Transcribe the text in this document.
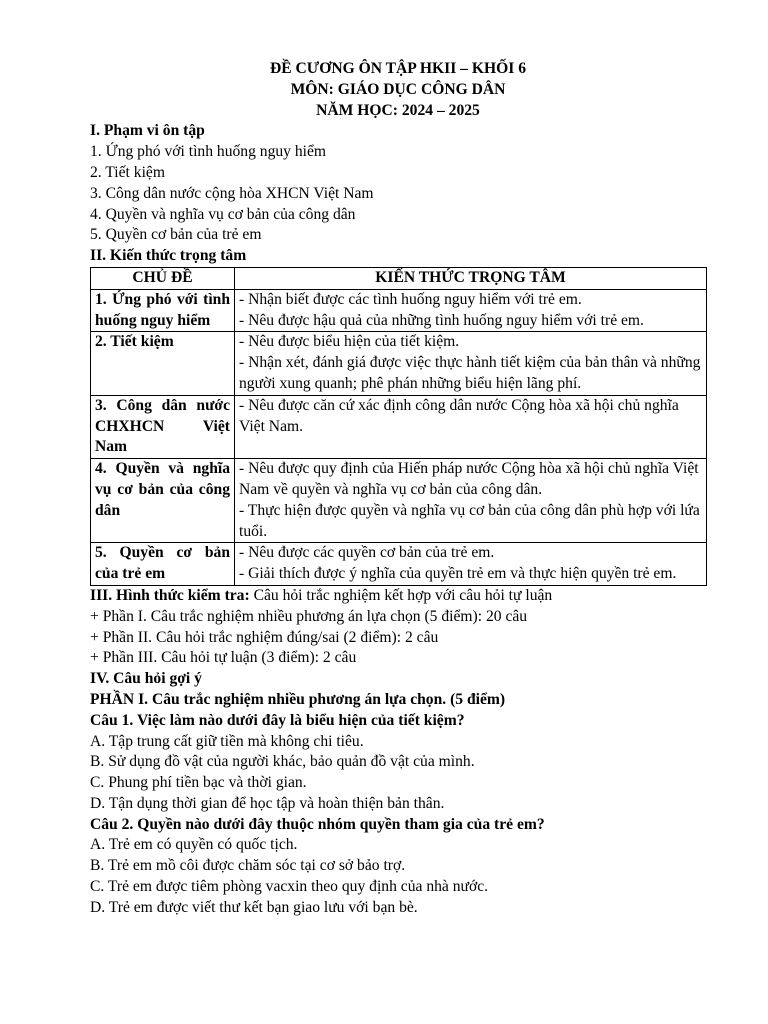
ĐỀ CƯƠNG ÔN TẬP HKII – KHỐI 6
MÔN: GIÁO DỤC CÔNG DÂN
NĂM HỌC: 2024 – 2025
I. Phạm vi ôn tập
1. Ứng phó với tình huống nguy hiểm
2. Tiết kiệm
3. Công dân nước cộng hòa XHCN Việt Nam
4. Quyền và nghĩa vụ cơ bản của công dân
5. Quyền cơ bản của trẻ em
II. Kiến thức trọng tâm
CHỦ ĐỀ	KIẾN THỨC TRỌNG TÂM
1. Ứng phó với tình huống nguy hiểm	- Nhận biết được các tình huống nguy hiểm với trẻ em.
- Nêu được hậu quả của những tình huống nguy hiểm với trẻ em.

2. Tiết kiệm	- Nêu được biểu hiện của tiết kiệm.
- Nhận xét, đánh giá được việc thực hành tiết kiệm của bản thân và những người xung quanh; phê phán những biểu hiện lãng phí.

3. Công dân nước CHXHCN Việt Nam	- Nêu được căn cứ xác định công dân nước Cộng hòa xã hội chủ nghĩa Việt Nam.

4. Quyền và nghĩa vụ cơ bản của công dân	- Nêu được quy định của Hiến pháp nước Cộng hòa xã hội chủ nghĩa Việt Nam về quyền và nghĩa vụ cơ bản của công dân.
- Thực hiện được quyền và nghĩa vụ cơ bản của công dân phù hợp với lứa tuổi.

5. Quyền cơ bản của trẻ em	- Nêu được các quyền cơ bản của trẻ em.
- Giải thích được ý nghĩa của quyền trẻ em và thực hiện quyền trẻ em.
III. Hình thức kiểm tra: Câu hỏi trắc nghiệm kết hợp với câu hỏi tự luận
+ Phần I. Câu trắc nghiệm nhiều phương án lựa chọn (5 điểm): 20 câu
+ Phần II. Câu hỏi trắc nghiệm đúng/sai (2 điểm): 2 câu
+ Phần III. Câu hỏi tự luận (3 điểm): 2 câu
IV. Câu hỏi gợi ý
PHẦN I. Câu trắc nghiệm nhiều phương án lựa chọn. (5 điểm)
Câu 1. Việc làm nào dưới đây là biểu hiện của tiết kiệm?
A. Tập trung cất giữ tiền mà không chi tiêu.
B. Sử dụng đồ vật của người khác, bảo quản đồ vật của mình.
C. Phung phí tiền bạc và thời gian.
D. Tận dụng thời gian để học tập và hoàn thiện bản thân.
Câu 2. Quyền nào dưới đây thuộc nhóm quyền tham gia của trẻ em?
A. Trẻ em có quyền có quốc tịch.
B. Trẻ em mồ côi được chăm sóc tại cơ sở bảo trợ.
C. Trẻ em được tiêm phòng vacxin theo quy định của nhà nước.
D. Trẻ em được viết thư kết bạn giao lưu với bạn bè.
